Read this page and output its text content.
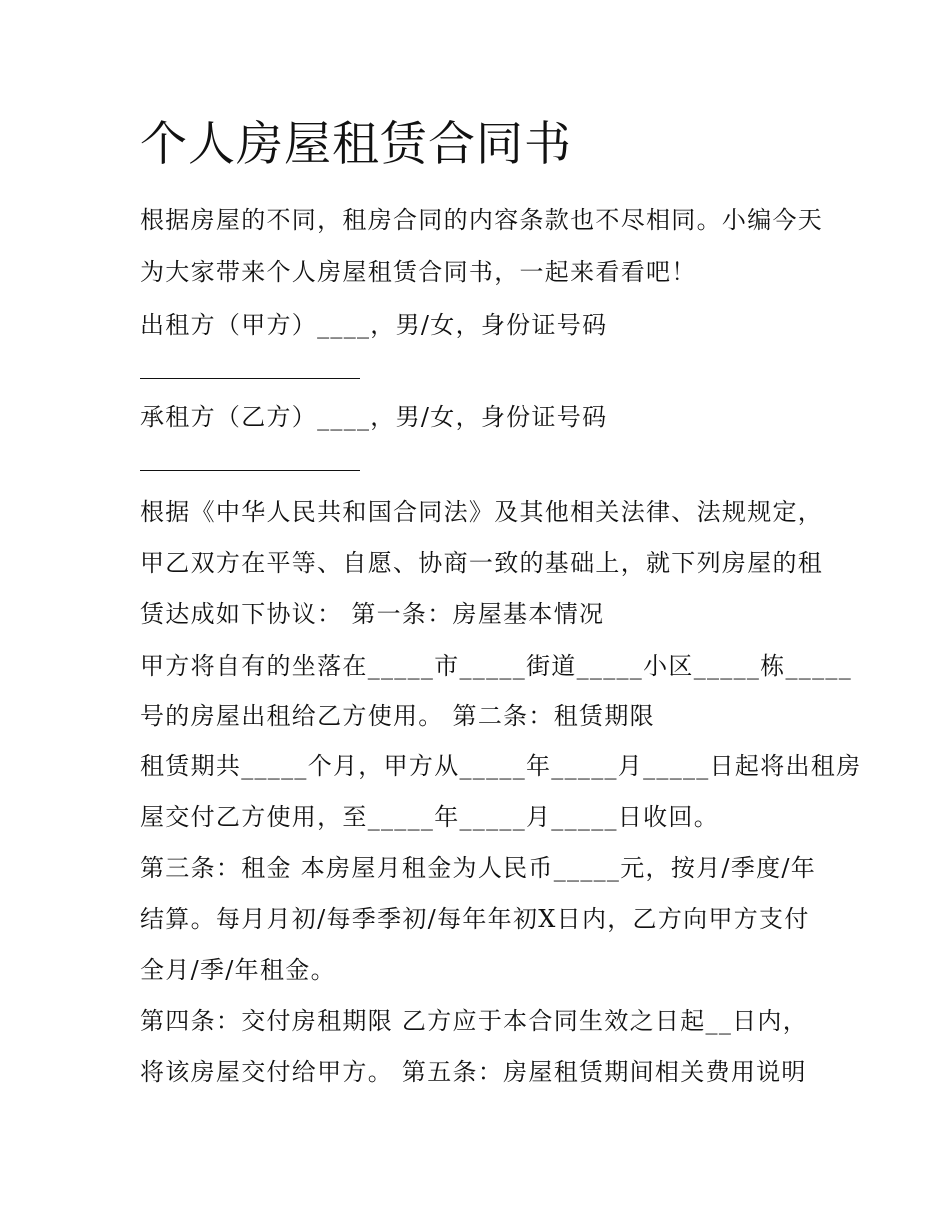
个人房屋租赁合同书

根据房屋的不同，租房合同的内容条款也不尽相同。小编今天

为大家带来个人房屋租赁合同书，一起来看看吧！

出租方（甲方）____，男/女，身份证号码

承租方（乙方）____，男/女，身份证号码

根据《中华人民共和国合同法》及其他相关法律、法规规定，

甲乙双方在平等、自愿、协商一致的基础上，就下列房屋的租

赁达成如下协议： 第一条：房屋基本情况

甲方将自有的坐落在_____市_____街道_____小区_____栋_____

号的房屋出租给乙方使用。 第二条：租赁期限

租赁期共_____个月，甲方从_____年_____月_____日起将出租房

屋交付乙方使用，至_____年_____月_____日收回。

第三条：租金 本房屋月租金为人民币_____元，按月/季度/年

结算。每月月初/每季季初/每年年初X日内，乙方向甲方支付

全月/季/年租金。

第四条：交付房租期限 乙方应于本合同生效之日起__日内，

将该房屋交付给甲方。 第五条：房屋租赁期间相关费用说明
